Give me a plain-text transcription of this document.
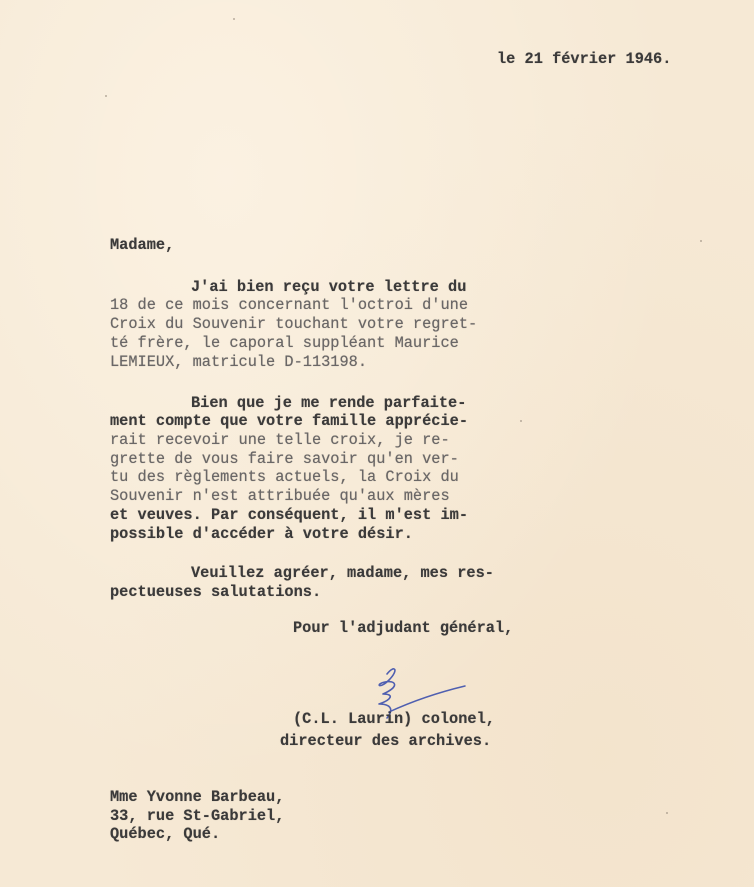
le 21 février 1946.
Madame,
J'ai bien reçu votre lettre du
18 de ce mois concernant l'octroi d'une
Croix du Souvenir touchant votre regret-
té frère, le caporal suppléant Maurice
LEMIEUX, matricule D-113198.
Bien que je me rende parfaite-
ment compte que votre famille apprécie-
rait recevoir une telle croix, je re-
grette de vous faire savoir qu'en ver-
tu des règlements actuels, la Croix du
Souvenir n'est attribuée qu'aux mères
et veuves. Par conséquent, il m'est im-
possible d'accéder à votre désir.
Veuillez agréer, madame, mes res-
pectueuses salutations.
Pour l'adjudant général,
(C.L. Laurin) colonel,
directeur des archives.
Mme Yvonne Barbeau,
33, rue St-Gabriel,
Québec, Qué.
